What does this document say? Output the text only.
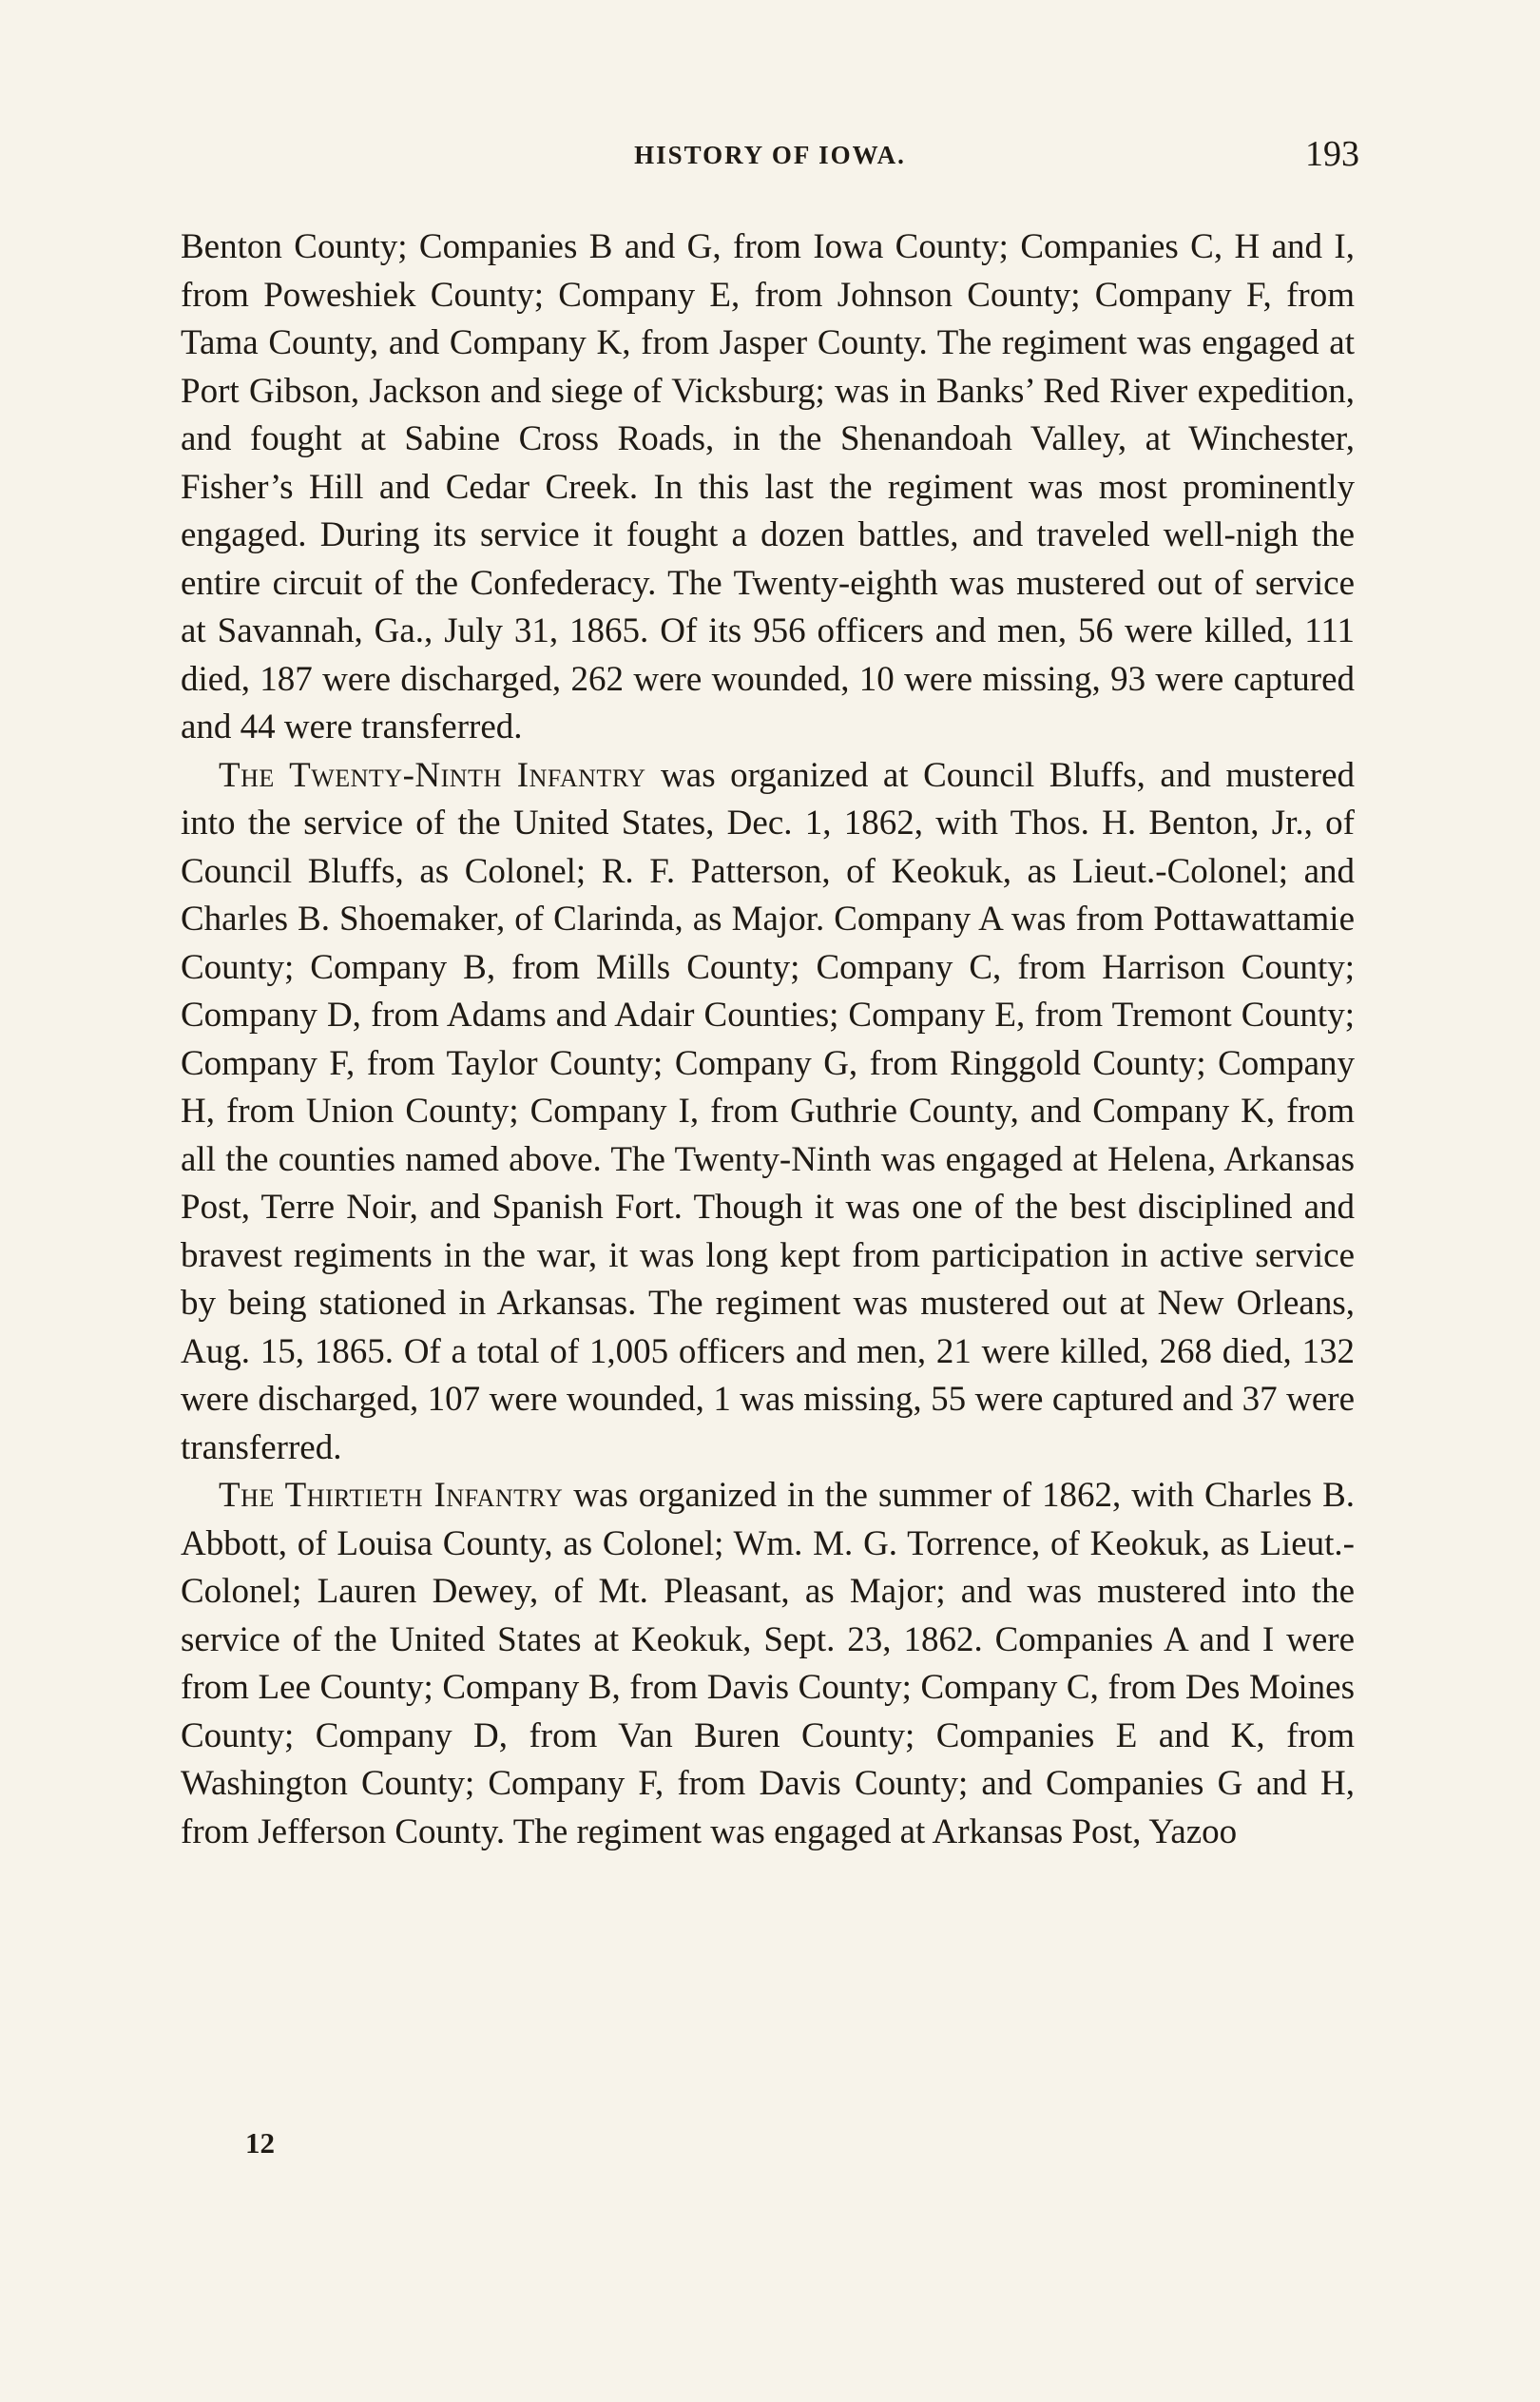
HISTORY OF IOWA.	193

Benton County; Companies B and G, from Iowa County; Companies C, H and I, from Poweshiek County; Company E, from Johnson County; Company F, from Tama County, and Company K, from Jasper County. The regiment was engaged at Port Gibson, Jackson and siege of Vicksburg; was in Banks’ Red River expedition, and fought at Sabine Cross Roads, in the Shenandoah Valley, at Winchester, Fisher’s Hill and Cedar Creek. In this last the regiment was most prominently engaged. During its service it fought a dozen battles, and traveled well-nigh the entire circuit of the Confederacy. The Twenty-eighth was mustered out of service at Savannah, Ga., July 31, 1865. Of its 956 officers and men, 56 were killed, 111 died, 187 were discharged, 262 were wounded, 10 were missing, 93 were captured and 44 were transferred.

The Twenty-Ninth Infantry was organized at Council Bluffs, and mustered into the service of the United States, Dec. 1, 1862, with Thos. H. Benton, Jr., of Council Bluffs, as Colonel; R. F. Patterson, of Keokuk, as Lieut.-Colonel; and Charles B. Shoemaker, of Clarinda, as Major. Company A was from Pottawattamie County; Company B, from Mills County; Company C, from Harrison County; Company D, from Adams and Adair Counties; Company E, from Tremont County; Company F, from Taylor County; Company G, from Ringgold County; Company H, from Union County; Company I, from Guthrie County, and Company K, from all the counties named above. The Twenty-Ninth was engaged at Helena, Arkansas Post, Terre Noir, and Spanish Fort. Though it was one of the best disciplined and bravest regiments in the war, it was long kept from participation in active service by being stationed in Arkansas. The regiment was mustered out at New Orleans, Aug. 15, 1865. Of a total of 1,005 officers and men, 21 were killed, 268 died, 132 were discharged, 107 were wounded, 1 was missing, 55 were captured and 37 were transferred.

The Thirtieth Infantry was organized in the summer of 1862, with Charles B. Abbott, of Louisa County, as Colonel; Wm. M. G. Torrence, of Keokuk, as Lieut.-Colonel; Lauren Dewey, of Mt. Pleasant, as Major; and was mustered into the service of the United States at Keokuk, Sept. 23, 1862. Companies A and I were from Lee County; Company B, from Davis County; Company C, from Des Moines County; Company D, from Van Buren County; Companies E and K, from Washington County; Company F, from Davis County; and Companies G and H, from Jefferson County. The regiment was engaged at Arkansas Post, Yazoo

12
